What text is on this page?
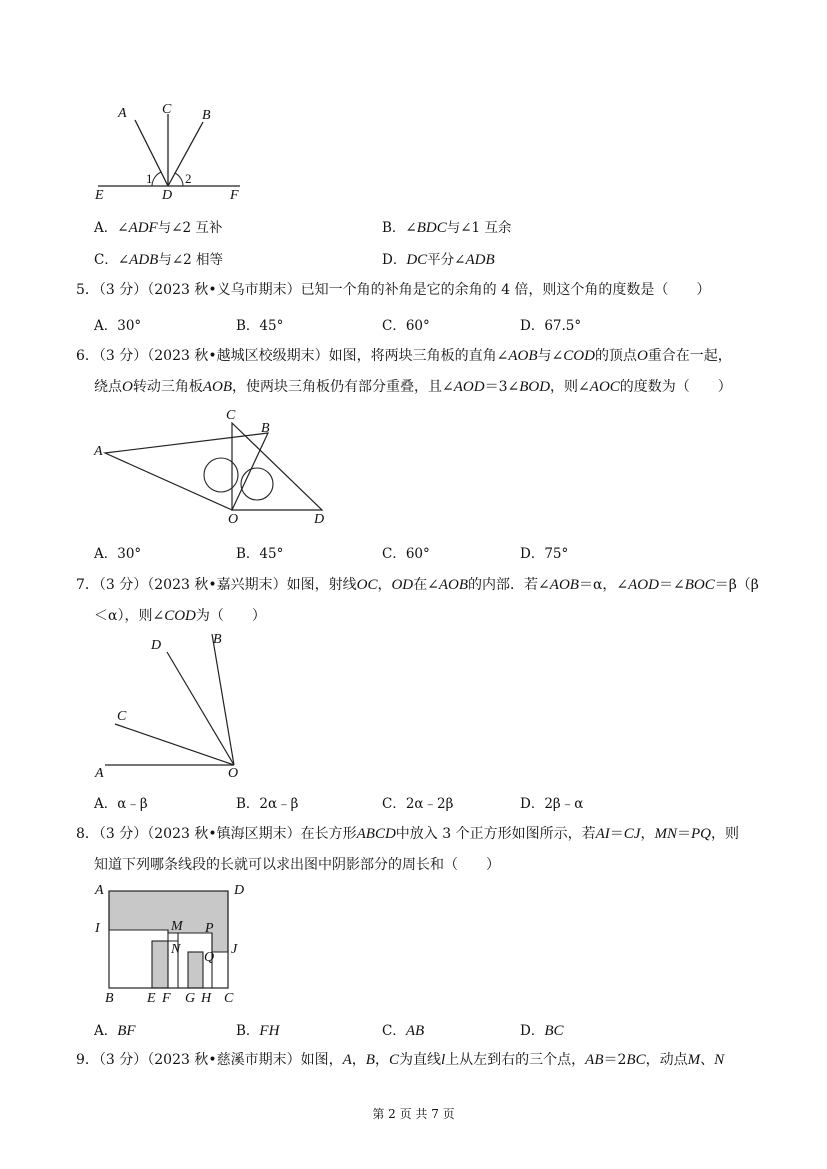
A	C B
1	2
E	D	F
A．∠ADF与∠2 互补	B．∠BDC与∠1 互余
C．∠ADB与∠2 相等	D．DC平分∠ADB
5．（3 分）（2023 秋•义乌市期末）已知一个角的补角是它的余角的 4 倍，则这个角的度数是（　　）
A．30°	B．45°	C．60°	D．67.5°
6．（3 分）（2023 秋•越城区校级期末）如图，将两块三角板的直角∠AOB与∠COD的顶点O重合在一起，
绕点O转动三角板AOB，使两块三角板仍有部分重叠，且∠AOD＝3∠BOD，则∠AOC的度数为（　　）
C
B
A
O	D
A．30°	B．45°	C．60°	D．75°
7．（3 分）（2023 秋•嘉兴期末）如图，射线OC，OD在∠AOB的内部．若∠AOB＝α，∠AOD＝∠BOC＝β（β
＜α），则∠COD为（　　）
D	B
C
A	O
A．α﹣β	B．2α﹣β	C．2α﹣2β	D．2β﹣α
8．（3 分）（2023 秋•镇海区期末）在长方形ABCD中放入 3 个正方形如图所示，若AI＝CJ，MN＝PQ，则
知道下列哪条线段的长就可以求出图中阴影部分的周长和（　　）
A	D
I	M P
N
Q
J
B E F G H C
A．BF	B．FH	C．AB	D．BC
9．（3 分）（2023 秋•慈溪市期末）如图，A，B，C为直线l上从左到右的三个点，AB＝2BC，动点M、N
第 2 页 共 7 页
